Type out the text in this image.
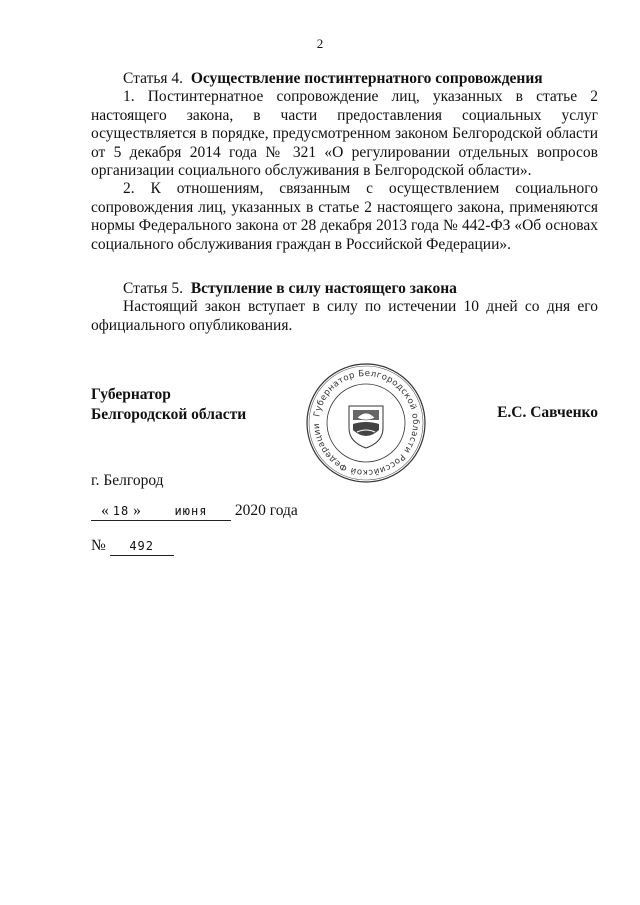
2
Статья 4. Осуществление постинтернатного сопровождения

1. Постинтернатное сопровождение лиц, указанных в статье 2 настоящего закона, в части предоставления социальных услуг осуществляется в порядке, предусмотренном законом Белгородской области от 5 декабря 2014 года № 321 «О регулировании отдельных вопросов организации социального обслуживания в Белгородской области».

2. К отношениям, связанным с осуществлением социального сопровождения лиц, указанных в статье 2 настоящего закона, применяются нормы Федерального закона от 28 декабря 2013 года № 442-ФЗ «Об основах социального обслуживания граждан в Российской Федерации».

Статья 5. Вступление в силу настоящего закона

Настоящий закон вступает в силу по истечении 10 дней со дня его официального опубликования.

Губернатор
Белгородской области	Губернатор Белгородской области Российской Федерации
Е.С. Савченко
г. Белгород
« 18 »	июня 2020 года
№ 492
